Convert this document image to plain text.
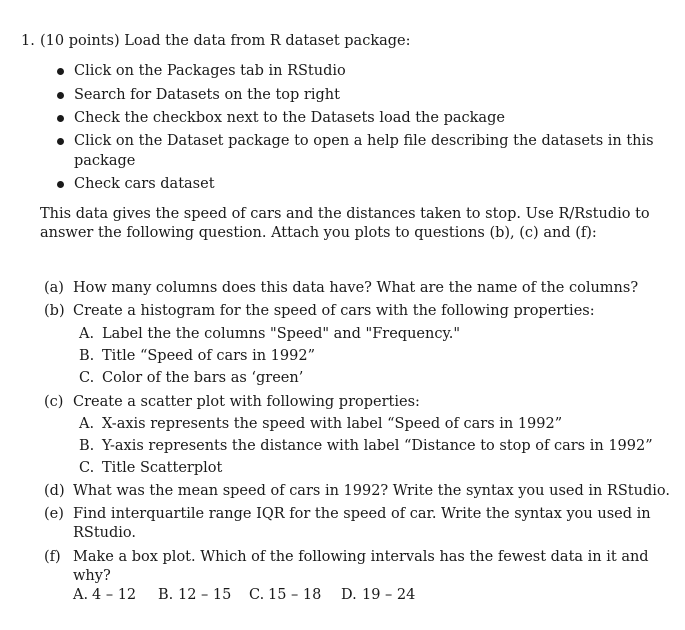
1. (10 points) Load the data from R dataset package:
Click on the Packages tab in RStudio
Search for Datasets on the top right
Check the checkbox next to the Datasets load the package
Click on the Dataset package to open a help file describing the datasets in this
package
Check cars dataset
This data gives the speed of cars and the distances taken to stop. Use R/Rstudio to
answer the following question. Attach you plots to questions (b), (c) and (f):
(a) How many columns does this data have? What are the name of the columns?
(b) Create a histogram for the speed of cars with the following properties:
A. Label the the columns "Speed" and "Frequency."
B. Title “Speed of cars in 1992”
C. Color of the bars as ‘green’
(c) Create a scatter plot with following properties:
A. X-axis represents the speed with label “Speed of cars in 1992”
B. Y-axis represents the distance with label “Distance to stop of cars in 1992”
C. Title Scatterplot
(d) What was the mean speed of cars in 1992? Write the syntax you used in RStudio.
(e) Find interquartile range IQR for the speed of car. Write the syntax you used in
RStudio.
(f) Make a box plot. Which of the following intervals has the fewest data in it and
why?
A. 4 – 12 B. 12 – 15 C. 15 – 18 D. 19 – 24
